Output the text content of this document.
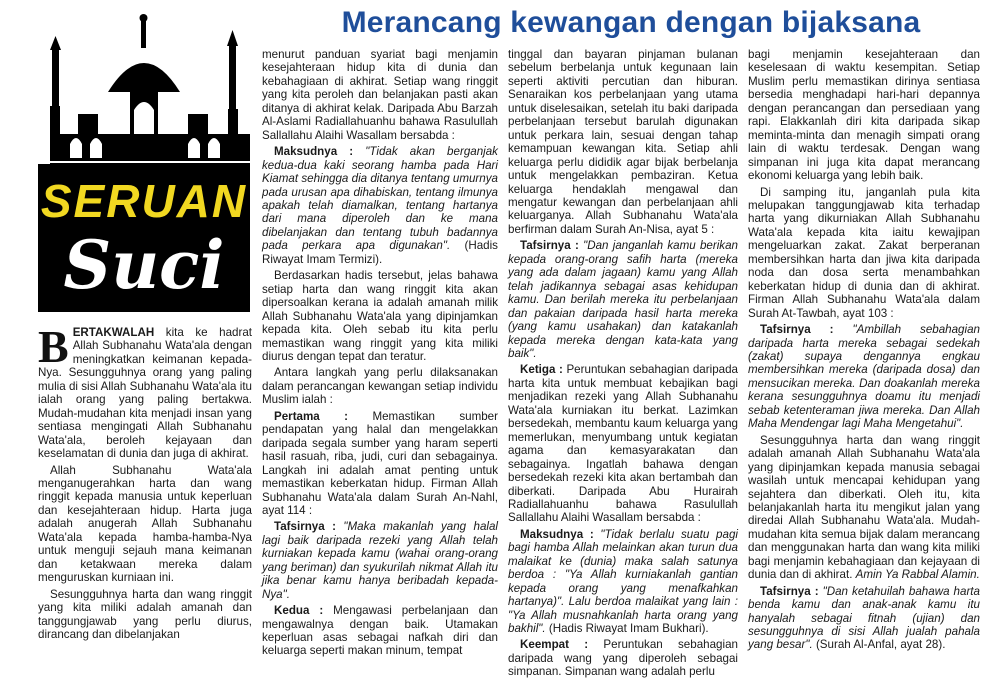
Merancang kewangan dengan bijaksana
SERUAN
Suci

BERTAKWALAH kita ke hadrat Allah Subhanahu Wata'ala dengan meningkatkan keimanan kepada-Nya. Sesungguhnya orang yang paling mulia di sisi Allah Subhanahu Wata'ala itu ialah orang yang paling bertakwa. Mudah-mudahan kita menjadi insan yang sentiasa mengingati Allah Subhanahu Wata'ala, beroleh kejayaan dan keselamatan di dunia dan juga di akhirat.

Allah Subhanahu Wata'ala menganugerahkan harta dan wang ringgit kepada manusia untuk keperluan dan kesejahteraan hidup. Harta juga adalah anugerah Allah Subhanahu Wata'ala kepada hamba-hamba-Nya untuk menguji sejauh mana keimanan dan ketakwaan mereka dalam menguruskan kurniaan ini.

Sesungguhnya harta dan wang ringgit yang kita miliki adalah amanah dan tanggungjawab yang perlu diurus, dirancang dan dibelanjakan

menurut panduan syariat bagi menjamin kesejahteraan hidup kita di dunia dan kebahagiaan di akhirat. Setiap wang ringgit yang kita peroleh dan belanjakan pasti akan ditanya di akhirat kelak. Daripada Abu Barzah Al-Aslami Radiallahuanhu bahawa Rasulullah Sallallahu Alaihi Wasallam bersabda :

Maksudnya : "Tidak akan berganjak kedua-dua kaki seorang hamba pada Hari Kiamat sehingga dia ditanya tentang umurnya pada urusan apa dihabiskan, tentang ilmunya apakah telah diamalkan, tentang hartanya dari mana diperoleh dan ke mana dibelanjakan dan tentang tubuh badannya pada perkara apa digunakan". (Hadis Riwayat Imam Termizi).

Berdasarkan hadis tersebut, jelas bahawa setiap harta dan wang ringgit kita akan dipersoalkan kerana ia adalah amanah milik Allah Subhanahu Wata'ala yang dipinjamkan kepada kita. Oleh sebab itu kita perlu memastikan wang ringgit yang kita miliki diurus dengan tepat dan teratur.

Antara langkah yang perlu dilaksanakan dalam perancangan kewangan setiap individu Muslim ialah :

Pertama : Memastikan sumber pendapatan yang halal dan mengelakkan daripada segala sumber yang haram seperti hasil rasuah, riba, judi, curi dan sebagainya. Langkah ini adalah amat penting untuk memastikan keberkatan hidup. Firman Allah Subhanahu Wata'ala dalam Surah An-Nahl, ayat 114 :

Tafsirnya : "Maka makanlah yang halal lagi baik daripada rezeki yang Allah telah kurniakan kepada kamu (wahai orang-orang yang beriman) dan syukurilah nikmat Allah itu jika benar kamu hanya beribadah kepada-Nya".

Kedua : Mengawasi perbelanjaan dan mengawalnya dengan baik. Utamakan keperluan asas sebagai nafkah diri dan keluarga seperti makan minum, tempat

tinggal dan bayaran pinjaman bulanan sebelum berbelanja untuk kegunaan lain seperti aktiviti percutian dan hiburan. Senaraikan kos perbelanjaan yang utama untuk diselesaikan, setelah itu baki daripada perbelanjaan tersebut barulah digunakan untuk perkara lain, sesuai dengan tahap kemampuan kewangan kita. Setiap ahli keluarga perlu dididik agar bijak berbelanja untuk mengelakkan pembaziran. Ketua keluarga hendaklah mengawal dan mengatur kewangan dan perbelanjaan ahli keluarganya. Allah Subhanahu Wata'ala berfirman dalam Surah An-Nisa, ayat 5 :

Tafsirnya : "Dan janganlah kamu berikan kepada orang-orang safih harta (mereka yang ada dalam jagaan) kamu yang Allah telah jadikannya sebagai asas kehidupan kamu. Dan berilah mereka itu perbelanjaan dan pakaian daripada hasil harta mereka (yang kamu usahakan) dan katakanlah kepada mereka dengan kata-kata yang baik".

Ketiga : Peruntukan sebahagian daripada harta kita untuk membuat kebajikan bagi menjadikan rezeki yang Allah Subhanahu Wata'ala kurniakan itu berkat. Lazimkan bersedekah, membantu kaum keluarga yang memerlukan, menyumbang untuk kegiatan agama dan kemasyarakatan dan sebagainya. Ingatlah bahawa dengan bersedekah rezeki kita akan bertambah dan diberkati. Daripada Abu Hurairah Radiallahuanhu bahawa Rasulullah Sallallahu Alaihi Wasallam bersabda :

Maksudnya : "Tidak berlalu suatu pagi bagi hamba Allah melainkan akan turun dua malaikat ke (dunia) maka salah satunya berdoa : "Ya Allah kurniakanlah gantian kepada orang yang menafkahkan hartanya)". Lalu berdoa malaikat yang lain : "Ya Allah musnahkanlah harta orang yang bakhil". (Hadis Riwayat Imam Bukhari).

Keempat : Peruntukan sebahagian daripada wang yang diperoleh sebagai simpanan. Simpanan wang adalah perlu

bagi menjamin kesejahteraan dan keselesaan di waktu kesempitan. Setiap Muslim perlu memastikan dirinya sentiasa bersedia menghadapi hari-hari depannya dengan perancangan dan persediaan yang rapi. Elakkanlah diri kita daripada sikap meminta-minta dan menagih simpati orang lain di waktu terdesak. Dengan wang simpanan ini juga kita dapat merancang ekonomi keluarga yang lebih baik.

Di samping itu, janganlah pula kita melupakan tanggungjawab kita terhadap harta yang dikurniakan Allah Subhanahu Wata'ala kepada kita iaitu kewajipan mengeluarkan zakat. Zakat berperanan membersihkan harta dan jiwa kita daripada noda dan dosa serta menambahkan keberkatan hidup di dunia dan di akhirat. Firman Allah Subhanahu Wata'ala dalam Surah At-Tawbah, ayat 103 :

Tafsirnya : "Ambillah sebahagian daripada harta mereka sebagai sedekah (zakat) supaya dengannya engkau membersihkan mereka (daripada dosa) dan mensucikan mereka. Dan doakanlah mereka kerana sesungguhnya doamu itu menjadi sebab ketenteraman jiwa mereka. Dan Allah Maha Mendengar lagi Maha Mengetahui".

Sesungguhnya harta dan wang ringgit adalah amanah Allah Subhanahu Wata'ala yang dipinjamkan kepada manusia sebagai wasilah untuk mencapai kehidupan yang sejahtera dan diberkati. Oleh itu, kita belanjakanlah harta itu mengikut jalan yang diredai Allah Subhanahu Wata'ala. Mudah-mudahan kita semua bijak dalam merancang dan menggunakan harta dan wang kita miliki bagi menjamin kebahagiaan dan kejayaan di dunia dan di akhirat. Amin Ya Rabbal Alamin.

Tafsirnya : "Dan ketahuilah bahawa harta benda kamu dan anak-anak kamu itu hanyalah sebagai fitnah (ujian) dan sesungguhnya di sisi Allah jualah pahala yang besar". (Surah Al-Anfal, ayat 28).
